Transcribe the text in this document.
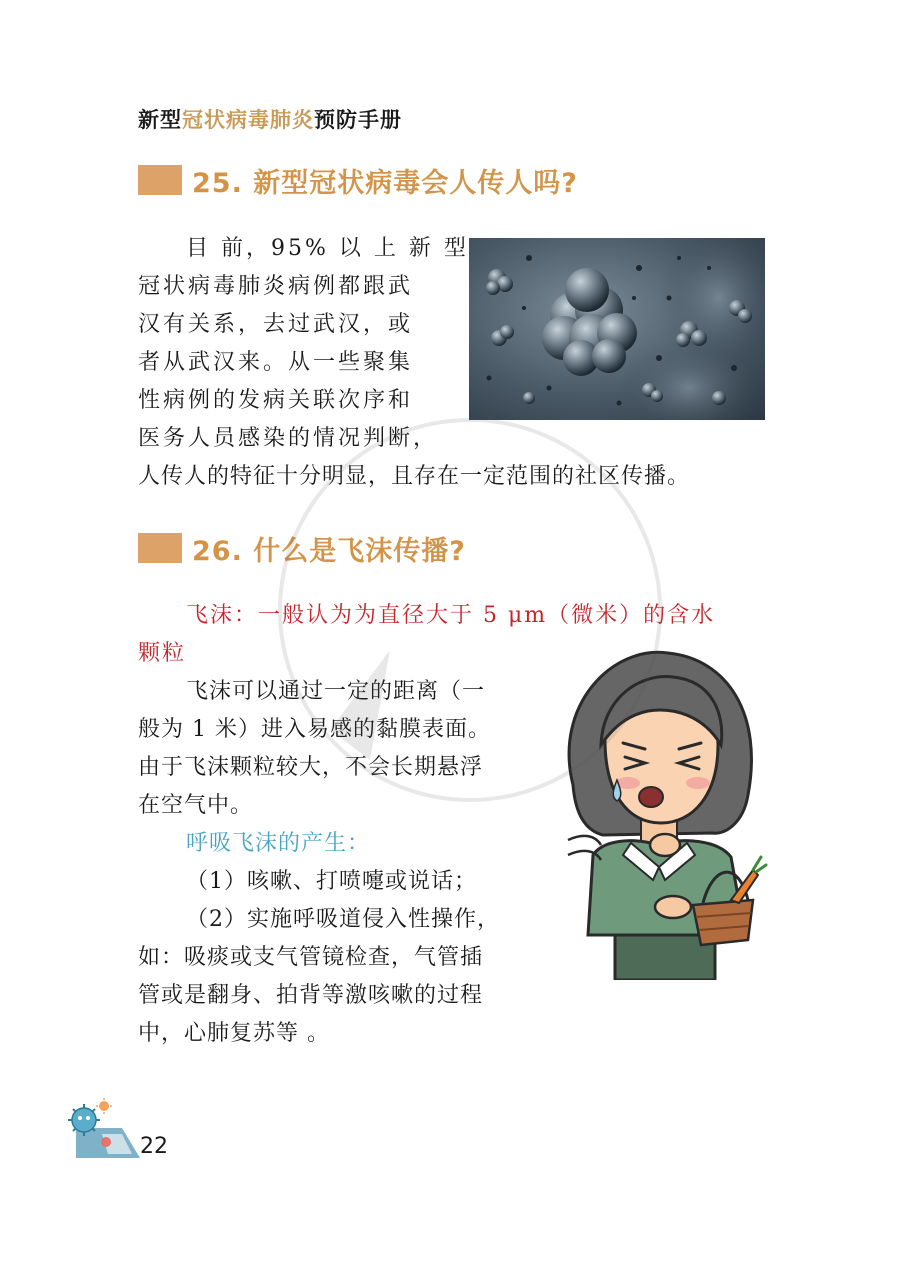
新型冠状病毒肺炎预防手册
25. 新型冠状病毒会人传人吗?
目 前，95% 以 上 新 型
冠状病毒肺炎病例都跟武
汉有关系，去过武汉，或
者从武汉来。从一些聚集
性病例的发病关联次序和
医务人员感染的情况判断，
人传人的特征十分明显，且存在一定范围的社区传播。
26. 什么是飞沫传播?
飞沫：一般认为为直径大于 5 μm（微米）的含水
颗粒
飞沫可以通过一定的距离（一
般为 1 米）进入易感的黏膜表面。
由于飞沫颗粒较大，不会长期悬浮
在空气中。
呼吸飞沫的产生：
（1）咳嗽、打喷嚏或说话；
（2）实施呼吸道侵入性操作，
如：吸痰或支气管镜检查，气管插
管或是翻身、拍背等激咳嗽的过程
中，心肺复苏等 。
22
